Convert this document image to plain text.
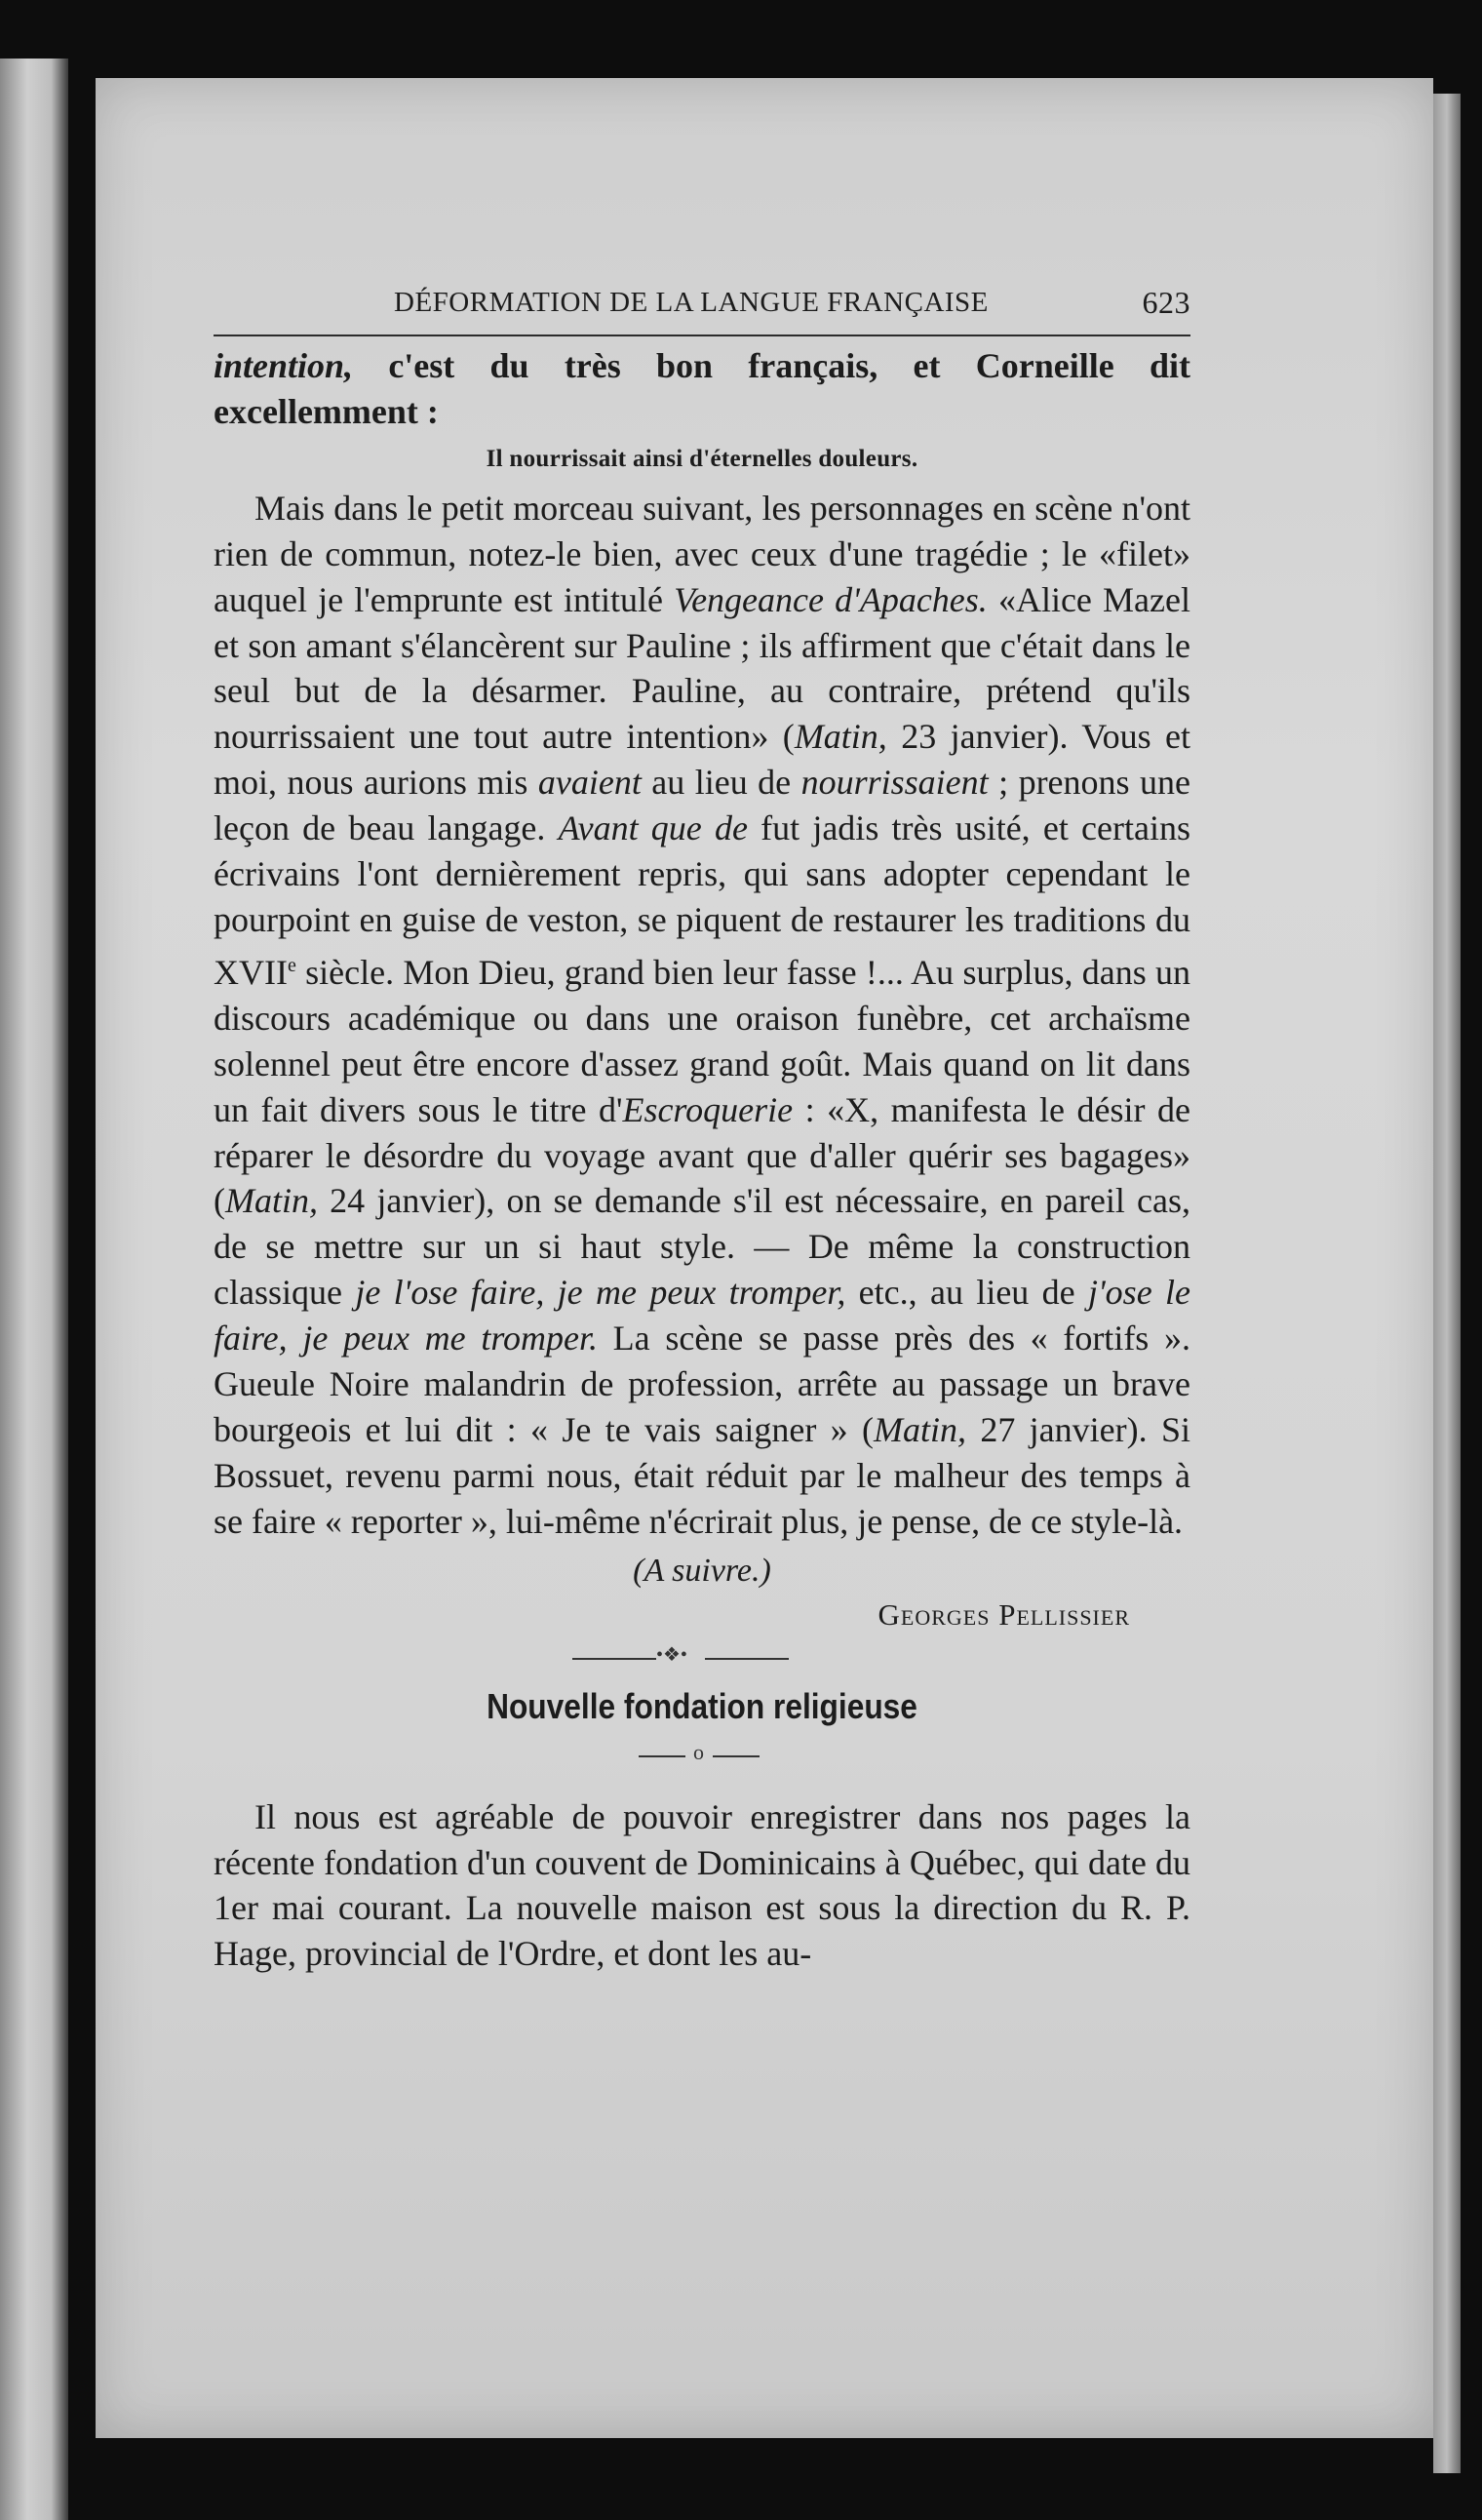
DÉFORMATION DE LA LANGUE FRANÇAISE	623

intention, c'est du très bon français, et Corneille dit excellemment :

Il nourrissait ainsi d'éternelles douleurs.

Mais dans le petit morceau suivant, les personnages en scène n'ont rien de commun, notez-le bien, avec ceux d'une tragédie ; le «filet» auquel je l'emprunte est intitulé Vengeance d'Apaches. «Alice Mazel et son amant s'élancèrent sur Pauline ; ils affirment que c'était dans le seul but de la désarmer. Pauline, au contraire, prétend qu'ils nourrissaient une tout autre intention» (Matin, 23 janvier). Vous et moi, nous aurions mis avaient au lieu de nourrissaient ; prenons une leçon de beau langage. Avant que de fut jadis très usité, et certains écrivains l'ont dernièrement repris, qui sans adopter cependant le pourpoint en guise de veston, se piquent de restaurer les traditions du XVIIe siècle. Mon Dieu, grand bien leur fasse !... Au surplus, dans un discours académique ou dans une oraison funèbre, cet archaïsme solennel peut être encore d'assez grand goût. Mais quand on lit dans un fait divers sous le titre d'Escroquerie : «X, manifesta le désir de réparer le désordre du voyage avant que d'aller quérir ses bagages» (Matin, 24 janvier), on se demande s'il est nécessaire, en pareil cas, de se mettre sur un si haut style. — De même la construction classique je l'ose faire, je me peux tromper, etc., au lieu de j'ose le faire, je peux me tromper. La scène se passe près des « fortifs ». Gueule Noire malandrin de profession, arrête au passage un brave bourgeois et lui dit : « Je te vais saigner » (Matin, 27 janvier). Si Bossuet, revenu parmi nous, était réduit par le malheur des temps à se faire « reporter », lui-même n'écrirait plus, je pense, de ce style-là.

(A suivre.)
Georges Pellissier
•❖•
Nouvelle fondation religieuse
o

Il nous est agréable de pouvoir enregistrer dans nos pages la récente fondation d'un couvent de Dominicains à Québec, qui date du 1er mai courant. La nouvelle maison est sous la direction du R. P. Hage, provincial de l'Ordre, et dont les au-
